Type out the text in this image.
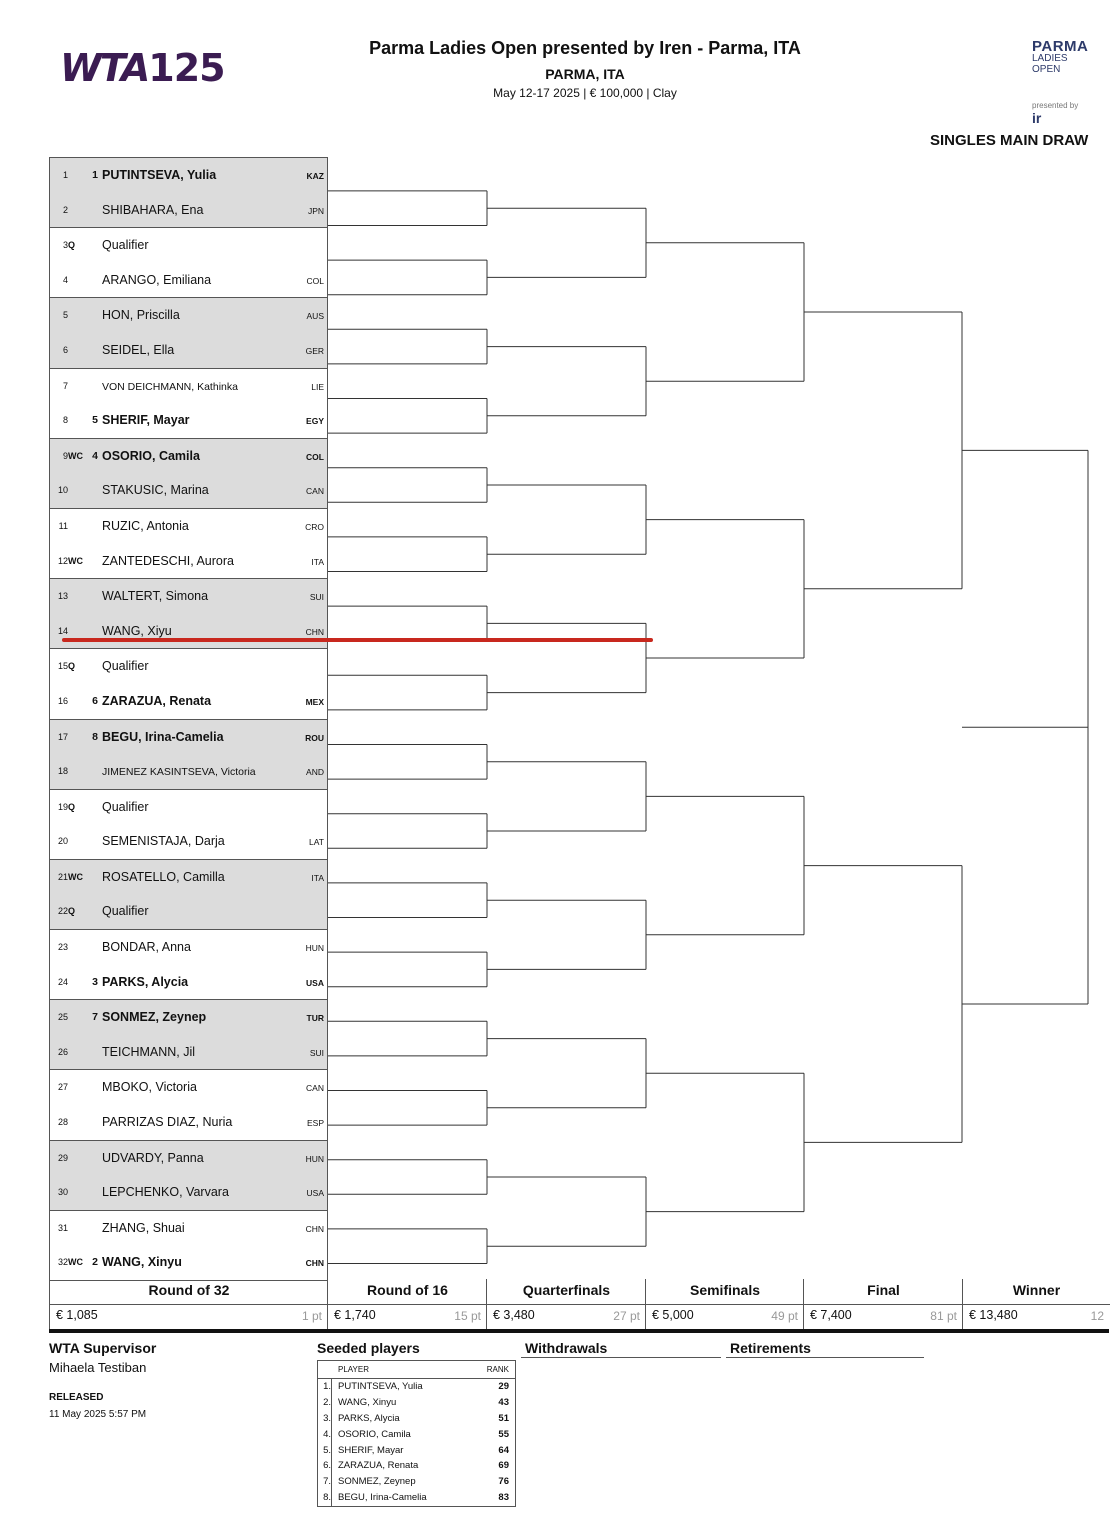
WTA125	Parma Ladies Open presented by Iren - Parma, ITA
PARMA, ITA
May 12-17 2025 | € 100,000 | Clay
PARMA
LADIES OPEN
presented by ir
SINGLES MAIN DRAW
1	1 PUTINTSEVA, Yulia	KAZ
2	SHIBAHARA, Ena	JPN
3 Q	Qualifier
4	ARANGO, Emiliana	COL
5	HON, Priscilla	AUS
6	SEIDEL, Ella	GER
7	VON DEICHMANN, Kathinka	LIE
8	5 SHERIF, Mayar	EGY
9 WC 4 OSORIO, Camila	COL
10	STAKUSIC, Marina	CAN
11	RUZIC, Antonia	CRO
12 WC	ZANTEDESCHI, Aurora	ITA
13	WALTERT, Simona	SUI
14	WANG, Xiyu	CHN
15 Q	Qualifier
16	6 ZARAZUA, Renata	MEX
17	8 BEGU, Irina-Camelia	ROU
18	JIMENEZ KASINTSEVA, Victoria	AND
19 Q	Qualifier
20	SEMENISTAJA, Darja	LAT
21 WC	ROSATELLO, Camilla	ITA
22 Q	Qualifier
23	BONDAR, Anna	HUN
24	3 PARKS, Alycia	USA
25	7 SONMEZ, Zeynep	TUR
26	TEICHMANN, Jil	SUI
27	MBOKO, Victoria	CAN
28	PARRIZAS DIAZ, Nuria	ESP
29	UDVARDY, Panna	HUN
30	LEPCHENKO, Varvara	USA
31	ZHANG, Shuai	CHN
32 WC 2 WANG, Xinyu	CHN
Round of 32
€ 1,085	1 pt
Round of 16
€ 1,740	15 pt
Quarterfinals
€ 3,480	27 pt
Semifinals
€ 5,000	49 pt
Final
€ 7,400	81 pt
Winner
€ 13,480	12
WTA Supervisor
Mihaela Testiban
RELEASED
11 May 2025 5:57 PM
Seeded players	Withdrawals	Retirements
PLAYER	RANK
1. PUTINTSEVA, Yulia	29
2. WANG, Xinyu	43
3. PARKS, Alycia	51
4. OSORIO, Camila	55
5. SHERIF, Mayar	64
6. ZARAZUA, Renata	69
7. SONMEZ, Zeynep	76
8. BEGU, Irina-Camelia	83
